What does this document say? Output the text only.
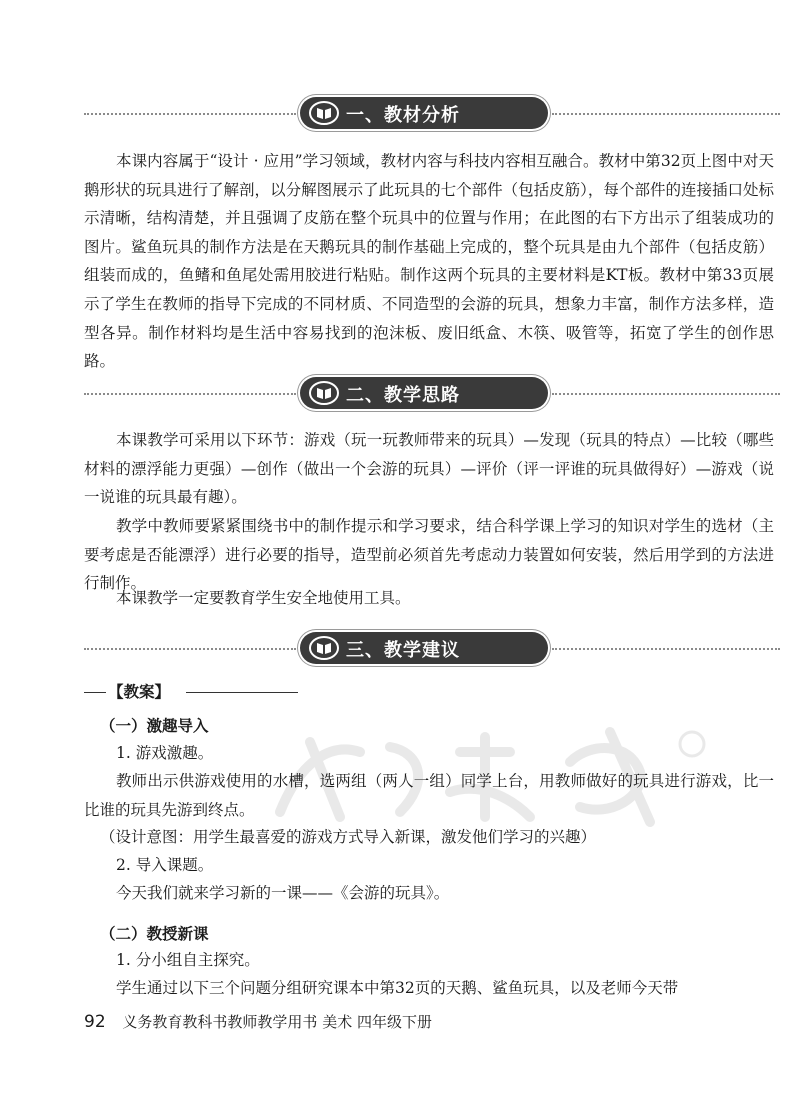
一、教材分析

本课内容属于“设计 · 应用”学习领域，教材内容与科技内容相互融合。教材中第32页上图中对天鹅形状的玩具进行了解剖，以分解图展示了此玩具的七个部件（包括皮筋），每个部件的连接插口处标示清晰，结构清楚，并且强调了皮筋在整个玩具中的位置与作用；在此图的右下方出示了组装成功的图片。鲨鱼玩具的制作方法是在天鹅玩具的制作基础上完成的，整个玩具是由九个部件（包括皮筋）组装而成的，鱼鳍和鱼尾处需用胶进行粘贴。制作这两个玩具的主要材料是KT板。教材中第33页展示了学生在教师的指导下完成的不同材质、不同造型的会游的玩具，想象力丰富，制作方法多样，造型各异。制作材料均是生活中容易找到的泡沫板、废旧纸盒、木筷、吸管等，拓宽了学生的创作思路。

二、教学思路

本课教学可采用以下环节：游戏（玩一玩教师带来的玩具）—发现（玩具的特点）—比较（哪些材料的漂浮能力更强）—创作（做出一个会游的玩具）—评价（评一评谁的玩具做得好）—游戏（说一说谁的玩具最有趣）。

教学中教师要紧紧围绕书中的制作提示和学习要求，结合科学课上学习的知识对学生的选材（主要考虑是否能漂浮）进行必要的指导，造型前必须首先考虑动力装置如何安装，然后用学到的方法进行制作。

本课教学一定要教育学生安全地使用工具。

三、教学建议
【教案】
（一）激趣导入

1. 游戏激趣。

教师出示供游戏使用的水槽，选两组（两人一组）同学上台，用教师做好的玩具进行游戏，比一比谁的玩具先游到终点。

（设计意图：用学生最喜爱的游戏方式导入新课，激发他们学习的兴趣）

2. 导入课题。

今天我们就来学习新的一课——《会游的玩具》。

（二）教授新课

1. 分小组自主探究。

学生通过以下三个问题分组研究课本中第32页的天鹅、鲨鱼玩具，以及老师今天带

92 义务教育教科书教师教学用书 美术 四年级下册
